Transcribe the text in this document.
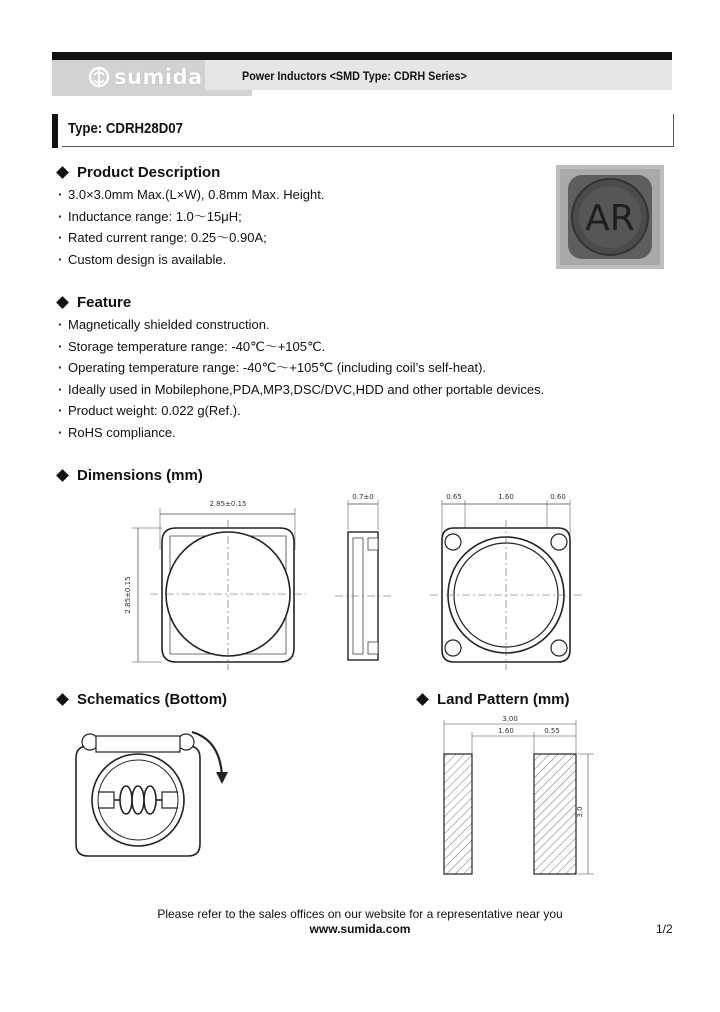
sumida	Power Inductors <SMD Type: CDRH Series>
Type: CDRH28D07
AR
Product Description
· 3.0×3.0mm Max.(L×W), 0.8mm Max. Height.
· Inductance range: 1.0～15μH;
· Rated current range: 0.25～0.90A;
· Custom design is available.
Feature
· Magnetically shielded construction.
· Storage temperature range: -40℃～+105℃.
· Operating temperature range: -40℃～+105℃ (including coil’s self-heat).
· Ideally used in Mobilephone,PDA,MP3,DSC/DVC,HDD and other portable devices.
· Product weight: 0.022 g(Ref.).
· RoHS compliance.
Dimensions (mm)
2.85±0.15
2.85±0.15
0.7±0	0.65	1.60	0.60
Schematics (Bottom)	Land Pattern (mm)
3.00
1.60	0.55
3.0
Please refer to the sales offices on our website for a representative near you
www.sumida.com	1/2
